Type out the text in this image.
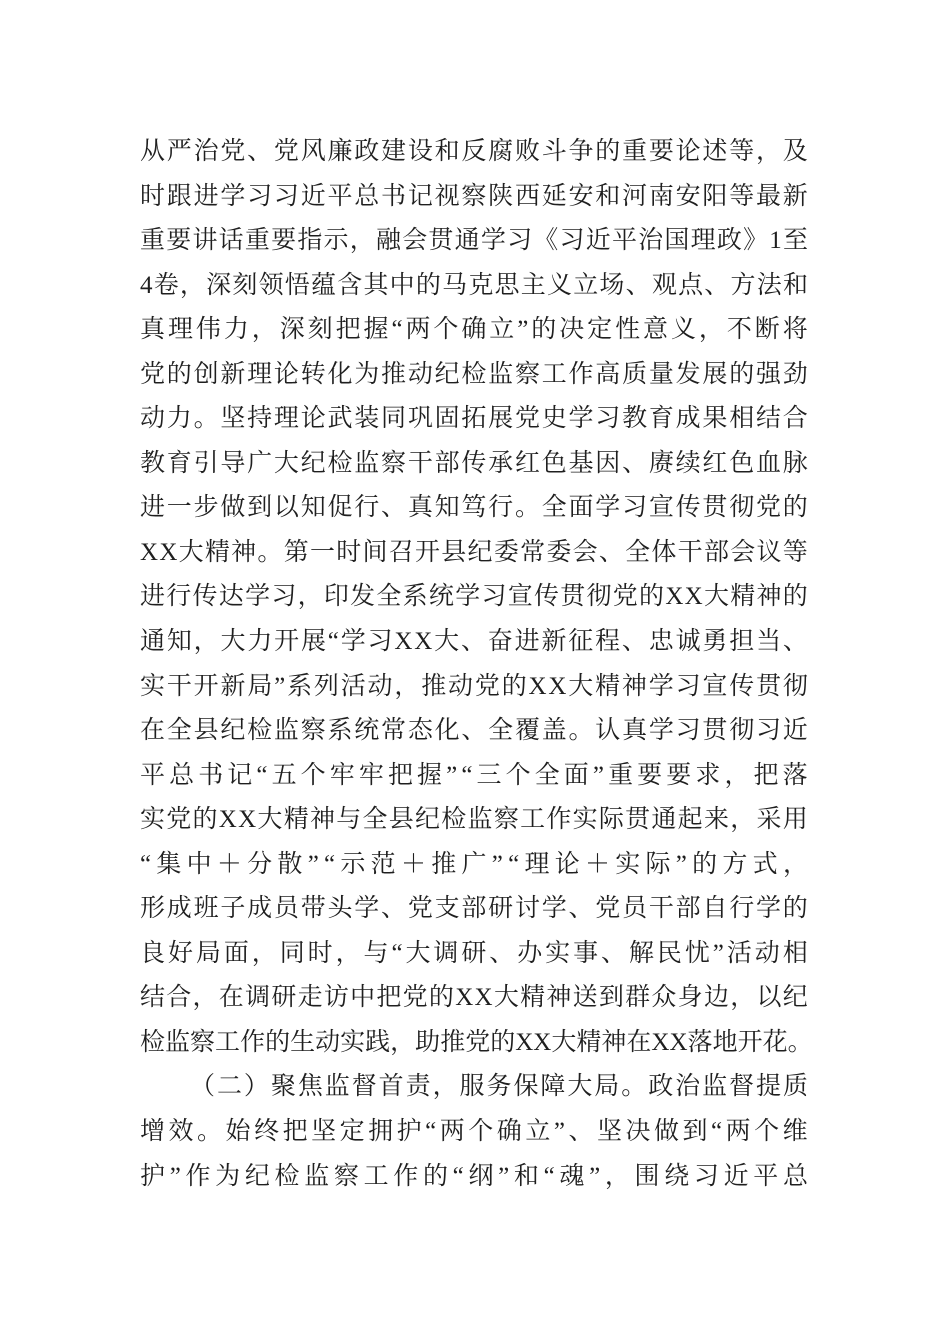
从 严 治 党 、 党 风 廉 政 建 设 和 反 腐 败 斗 争 的 重 要 论 述 等 ， 及
时 跟 进 学 习 习 近 平 总 书 记 视 察 陕 西 延 安 和 河 南 安 阳 等 最 新
重 要 讲 话 重 要 指 示 ， 融 会 贯 通 学 习 《 习 近 平 治 国 理 政 》 1 至
4 卷 ， 深 刻 领 悟 蕴 含 其 中 的 马 克 思 主 义 立 场 、 观 点 、 方 法 和
真 理 伟 力 ， 深 刻 把 握 “ 两 个 确 立 ” 的 决 定 性 意 义 ， 不 断 将
党 的 创 新 理 论 转 化 为 推 动 纪 检 监 察 工 作 高 质 量 发 展 的 强 劲
动 力 。 坚 持 理 论 武 装 同 巩 固 拓 展 党 史 学 习 教 育 成 果 相 结 合
教 育 引 导 广 大 纪 检 监 察 干 部 传 承 红 色 基 因 、 赓 续 红 色 血 脉
进 一 步 做 到 以 知 促 行 、 真 知 笃 行 。 全 面 学 习 宣 传 贯 彻 党 的
X X 大 精 神 。 第 一 时 间 召 开 县 纪 委 常 委 会 、 全 体 干 部 会 议 等
进 行 传 达 学 习 ， 印 发 全 系 统 学 习 宣 传 贯 彻 党 的 X X 大 精 神 的
通 知 ， 大 力 开 展 “ 学 习 X X 大 、 奋 进 新 征 程 、 忠 诚 勇 担 当 、
实 干 开 新 局 ” 系 列 活 动 ， 推 动 党 的 X X 大 精 神 学 习 宣 传 贯 彻
在 全 县 纪 检 监 察 系 统 常 态 化 、 全 覆 盖 。 认 真 学 习 贯 彻 习 近
平 总 书 记 “ 五 个 牢 牢 把 握 ” “ 三 个 全 面 ” 重 要 要 求 ， 把 落
实 党 的 X X 大 精 神 与 全 县 纪 检 监 察 工 作 实 际 贯 通 起 来 ， 采 用
“ 集 中 ＋ 分 散 ” “ 示 范 ＋ 推 广 ” “ 理 论 ＋ 实 际 ” 的 方 式 ，
形 成 班 子 成 员 带 头 学 、 党 支 部 研 讨 学 、 党 员 干 部 自 行 学 的
良 好 局 面 ， 同 时 ， 与 “ 大 调 研 、 办 实 事 、 解 民 忧 ” 活 动 相
结 合 ， 在 调 研 走 访 中 把 党 的 X X 大 精 神 送 到 群 众 身 边 ， 以 纪
检 监 察 工 作 的 生 动 实 践 ， 助 推 党 的 X X 大 精 神 在 X X 落 地 开 花 。
（ 二 ） 聚 焦 监 督 首 责 ， 服 务 保 障 大 局 。 政 治 监 督 提 质
增 效 。 始 终 把 坚 定 拥 护 “ 两 个 确 立 ” 、 坚 决 做 到 “ 两 个 维
护 ” 作 为 纪 检 监 察 工 作 的 “ 纲 ” 和 “ 魂 ” ， 围 绕 习 近 平 总
